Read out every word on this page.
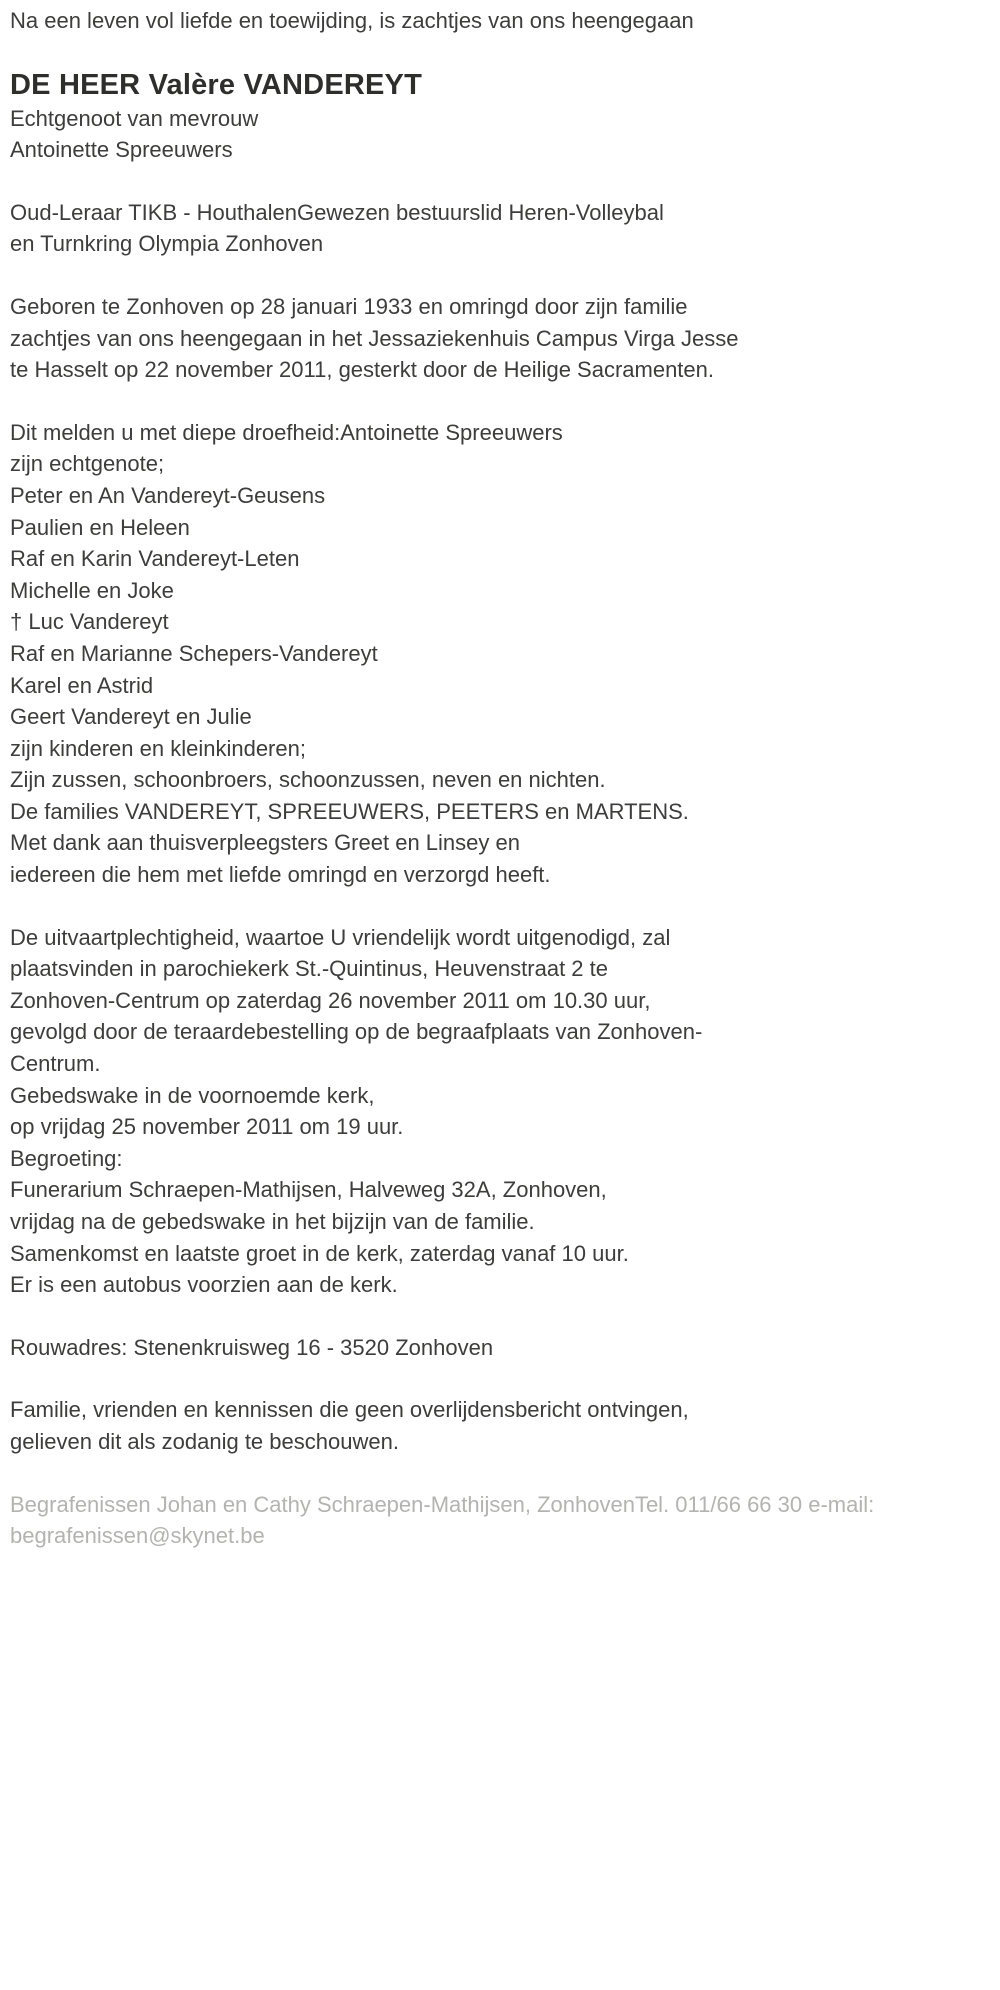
Na een leven vol liefde en toewijding, is zachtjes van ons heengegaan
DE HEER Valère VANDEREYT
Echtgenoot van mevrouw
Antoinette Spreeuwers
Oud-Leraar TIKB - HouthalenGewezen bestuurslid Heren-Volleybal
en Turnkring Olympia Zonhoven
Geboren te Zonhoven op 28 januari 1933 en omringd door zijn familie
zachtjes van ons heengegaan in het Jessaziekenhuis Campus Virga Jesse
te Hasselt op 22 november 2011, gesterkt door de Heilige Sacramenten.
Dit melden u met diepe droefheid:Antoinette Spreeuwers
zijn echtgenote;
Peter en An Vandereyt-Geusens
Paulien en Heleen
Raf en Karin Vandereyt-Leten
Michelle en Joke
† Luc Vandereyt
Raf en Marianne Schepers-Vandereyt
Karel en Astrid
Geert Vandereyt en Julie
zijn kinderen en kleinkinderen;
Zijn zussen, schoonbroers, schoonzussen, neven en nichten.
De families VANDEREYT, SPREEUWERS, PEETERS en MARTENS.
Met dank aan thuisverpleegsters Greet en Linsey en
iedereen die hem met liefde omringd en verzorgd heeft.
De uitvaartplechtigheid, waartoe U vriendelijk wordt uitgenodigd, zal
plaatsvinden in parochiekerk St.-Quintinus, Heuvenstraat 2 te
Zonhoven-Centrum op zaterdag 26 november 2011 om 10.30 uur,
gevolgd door de teraardebestelling op de begraafplaats van Zonhoven-
Centrum.
Gebedswake in de voornoemde kerk,
op vrijdag 25 november 2011 om 19 uur.
Begroeting:
Funerarium Schraepen-Mathijsen, Halveweg 32A, Zonhoven,
vrijdag na de gebedswake in het bijzijn van de familie.
Samenkomst en laatste groet in de kerk, zaterdag vanaf 10 uur.
Er is een autobus voorzien aan de kerk.
Rouwadres: Stenenkruisweg 16 - 3520 Zonhoven
Familie, vrienden en kennissen die geen overlijdensbericht ontvingen,
gelieven dit als zodanig te beschouwen.
Begrafenissen Johan en Cathy Schraepen-Mathijsen, ZonhovenTel. 011/66 66 30 e-mail: begrafenissen@skynet.be
